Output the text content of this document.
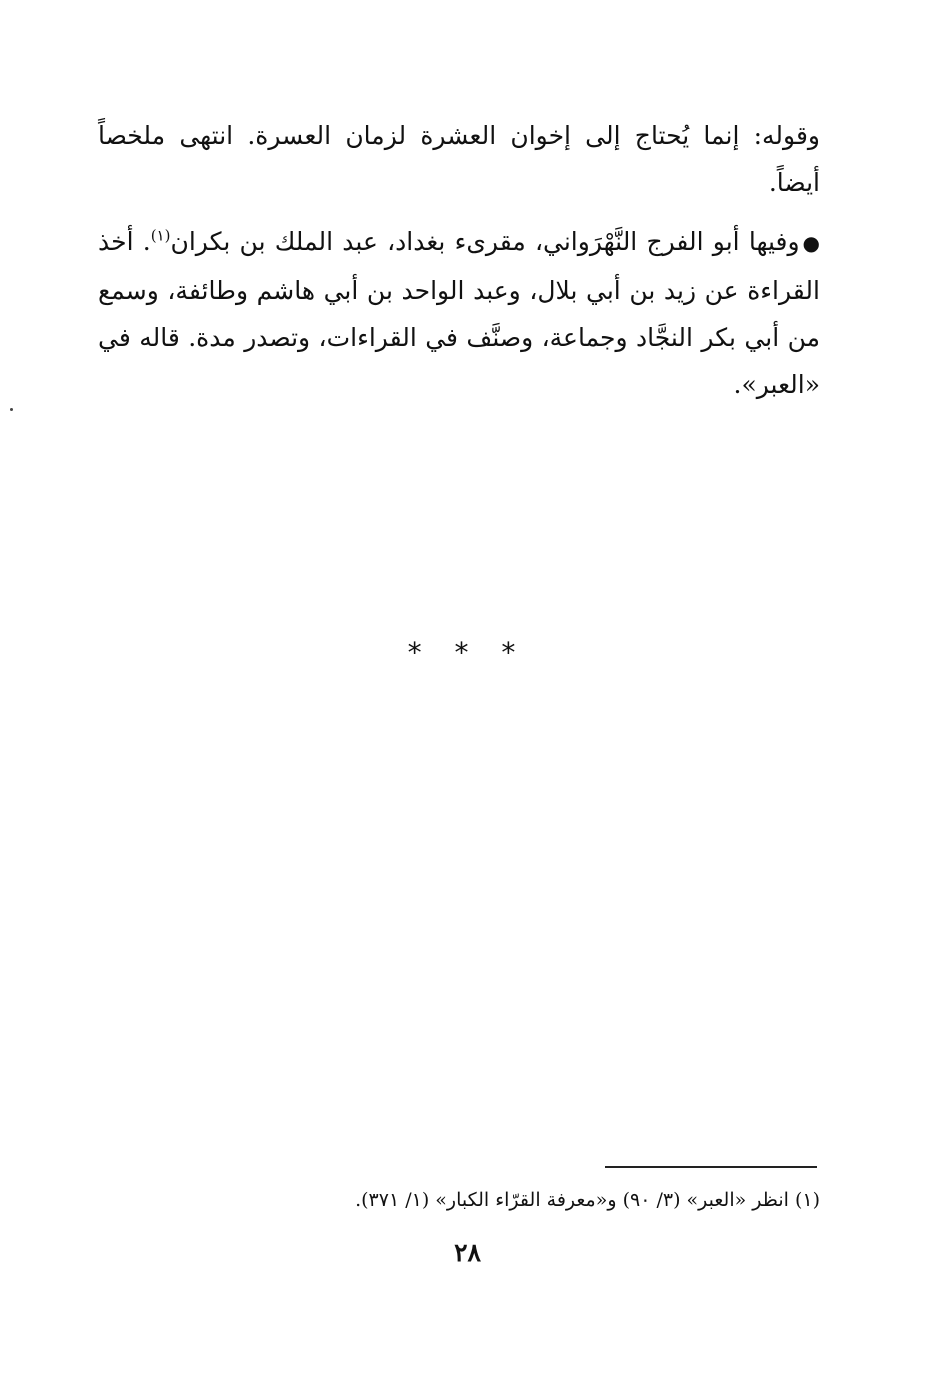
وقوله: إنما يُحتاج إلى إخوان العشرة لزمان العسرة. انتهى ملخصاً أيضاً.

●وفيها أبو الفرج النَّهْرَواني، مقرىء بغداد، عبد الملك بن بكران$^{(١)}$. أخذ القراءة عن زيد بن أبي بلال، وعبد الواحد بن أبي هاشم وطائفة، وسمع من أبي بكر النجَّاد وجماعة، وصنَّف في القراءات، وتصدر مدة. قاله في «العبر».

* * *
(١) انظر «العبر» (٣/ ٩٠) و«معرفة القرّاء الكبار» (١/ ٣٧١).
٢٨
